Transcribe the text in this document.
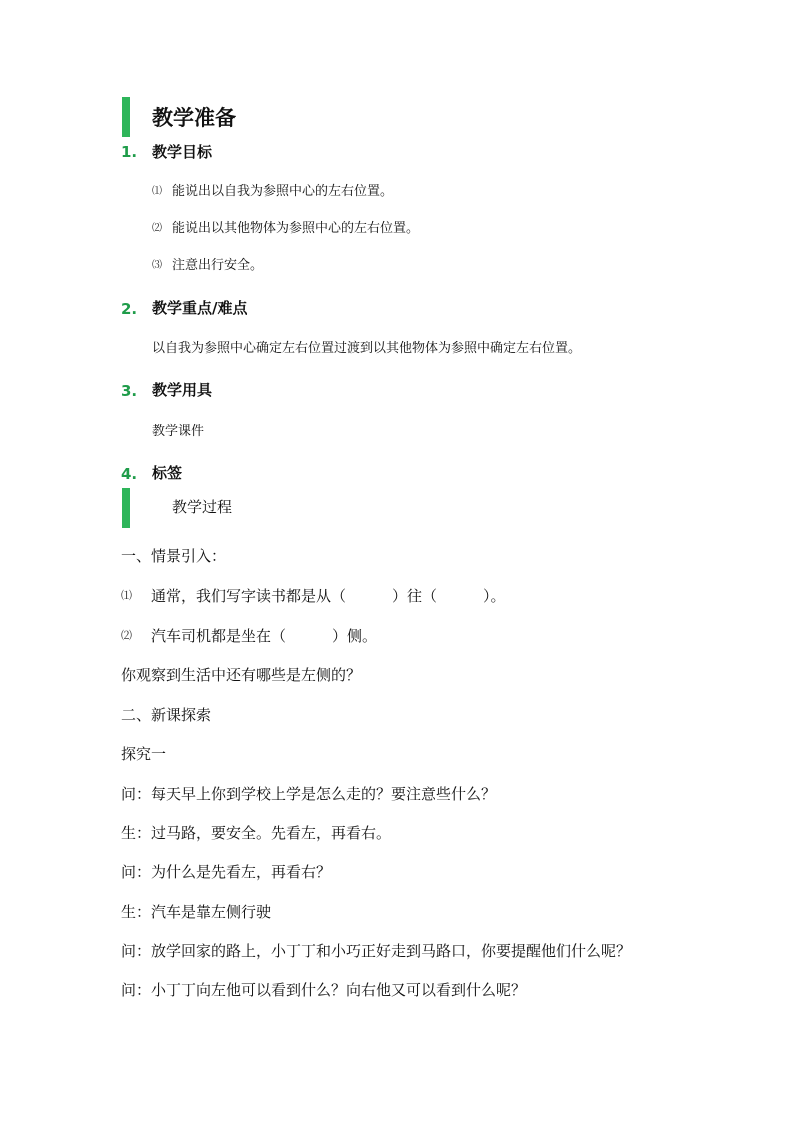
教学准备
1. 教学目标
⑴ 能说出以自我为参照中心的左右位置。
⑵ 能说出以其他物体为参照中心的左右位置。
⑶ 注意出行安全。
2. 教学重点/难点
以自我为参照中心确定左右位置过渡到以其他物体为参照中确定左右位置。
3. 教学用具
教学课件
4. 标签
教学过程
一、情景引入：
⑴ 通常，我们写字读书都是从（	）往（	）。
⑵ 汽车司机都是坐在（	）侧。
你观察到生活中还有哪些是左侧的？
二、新课探索
探究一
问：每天早上你到学校上学是怎么走的？要注意些什么？
生：过马路，要安全。先看左，再看右。
问：为什么是先看左，再看右？
生：汽车是靠左侧行驶
问：放学回家的路上，小丁丁和小巧正好走到马路口，你要提醒他们什么呢？
问：小丁丁向左他可以看到什么？向右他又可以看到什么呢？
